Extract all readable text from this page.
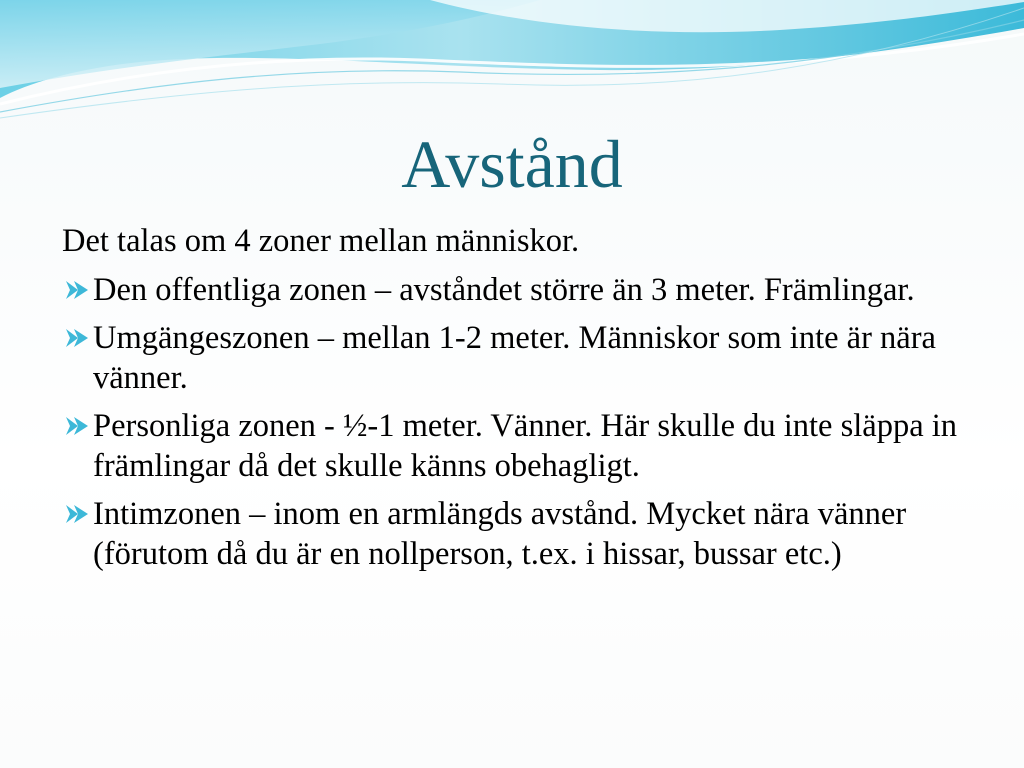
Avstånd

Det talas om 4 zoner mellan människor.

Den offentliga zonen – avståndet större än 3 meter. Främlingar.
Umgängeszonen – mellan 1-2 meter. Människor som inte är nära vänner.
Personliga zonen - ½-1 meter. Vänner. Här skulle du inte släppa in främlingar då det skulle känns obehagligt.
Intimzonen – inom en armlängds avstånd. Mycket nära vänner (förutom då du är en nollperson, t.ex. i hissar, bussar etc.)
